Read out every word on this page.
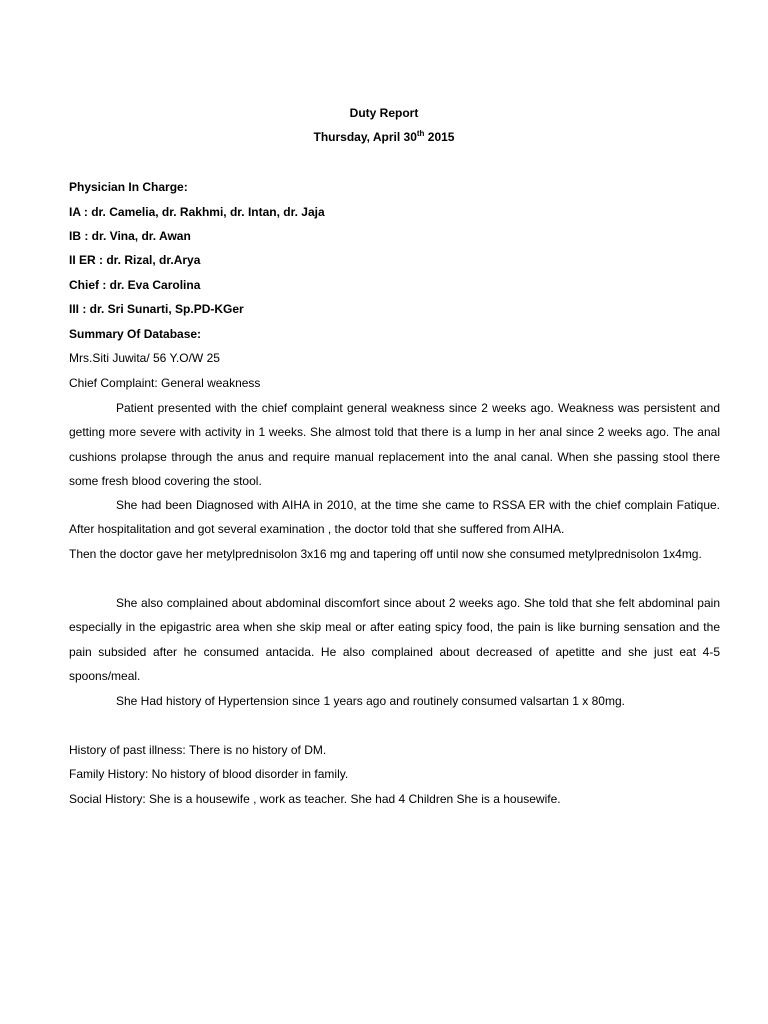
Duty Report
Thursday, April 30th 2015
Physician In Charge:
IA : dr. Camelia, dr. Rakhmi, dr. Intan, dr. Jaja
IB : dr. Vina, dr. Awan
II ER : dr. Rizal, dr.Arya
Chief : dr. Eva Carolina
III : dr. Sri Sunarti, Sp.PD-KGer
Summary Of Database:
Mrs.Siti Juwita/ 56 Y.O/W 25
Chief Complaint: General weakness
Patient presented with the chief complaint general weakness since 2 weeks ago. Weakness was persistent and getting more severe with activity in 1 weeks. She almost told that there is a lump in her anal since 2 weeks ago. The anal cushions prolapse through the anus and require manual replacement into the anal canal. When she passing stool there some fresh blood covering the stool.
She had been Diagnosed with AIHA in 2010, at the time she came to RSSA ER with the chief complain Fatique. After hospitalitation and got several examination , the doctor told that she suffered from AIHA.
Then the doctor gave her metylprednisolon 3x16 mg and tapering off until now she consumed metylprednisolon 1x4mg.
She also complained about abdominal discomfort since about 2 weeks ago. She told that she felt abdominal pain especially in the epigastric area when she skip meal or after eating spicy food, the pain is like burning sensation and the pain subsided after he consumed antacida. He also complained about decreased of apetitte and she just eat 4-5 spoons/meal.
She Had history of Hypertension since 1 years ago and routinely consumed valsartan 1 x 80mg.
History of past illness: There is no history of DM.
Family History: No history of blood disorder in family.
Social History: She is a housewife , work as teacher. She had 4 Children She is a housewife.
